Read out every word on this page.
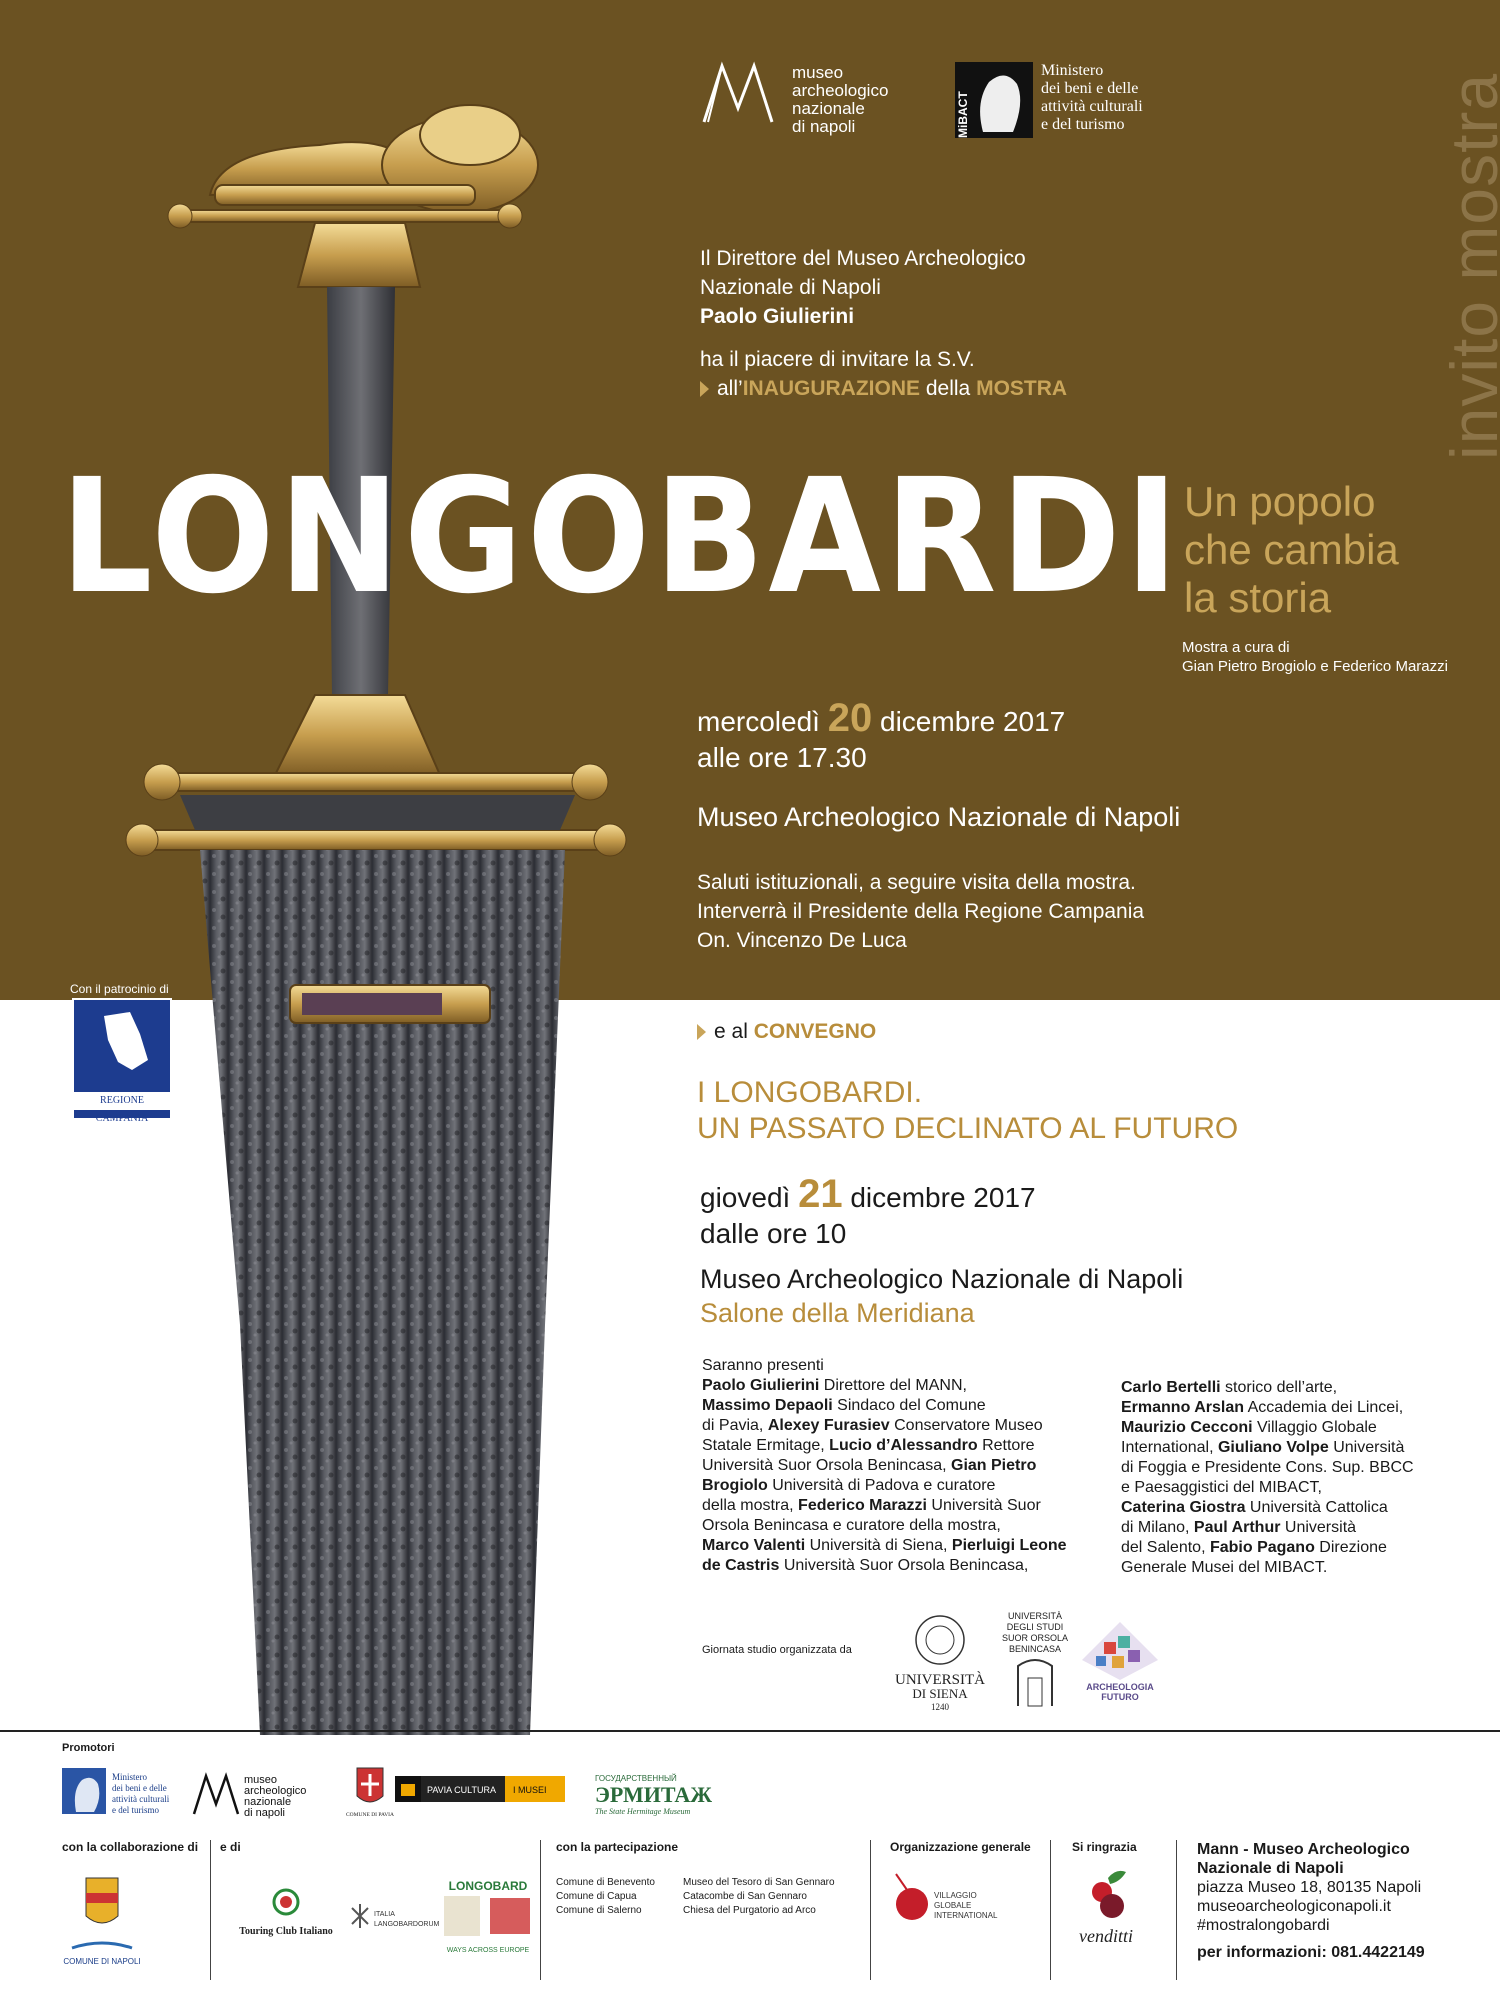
invito mostra
museo
archeologico
nazionale
di napoli	MiBACT
Ministero
dei beni e delle
attività culturali
e del turismo
Il Direttore del Museo Archeologico
Nazionale di Napoli
Paolo Giulierini
ha il piacere di invitare la S.V.
all’INAUGURAZIONE della MOSTRA
LONGOBARDI Un popolo
che cambia
la storia
Mostra a cura di
Gian Pietro Brogiolo e Federico Marazzi
mercoledì 20 dicembre 2017
alle ore 17.30
Museo Archeologico Nazionale di Napoli
Saluti istituzionali, a seguire visita della mostra.
Interverrà il Presidente della Regione Campania
On. Vincenzo De Luca
Con il patrocinio di
REGIONE CAMPANIA
e al CONVEGNO
I LONGOBARDI.
UN PASSATO DECLINATO AL FUTURO
giovedì 21 dicembre 2017
dalle ore 10
Museo Archeologico Nazionale di Napoli
Salone della Meridiana
Saranno presenti
Paolo Giulierini Direttore del MANN,
Massimo Depaoli Sindaco del Comune
di Pavia, Alexey Furasiev Conservatore Museo
Statale Ermitage, Lucio d’Alessandro Rettore
Università Suor Orsola Benincasa, Gian Pietro
Brogiolo Università di Padova e curatore
della mostra, Federico Marazzi Università Suor
Orsola Benincasa e curatore della mostra,
Marco Valenti Università di Siena, Pierluigi Leone
de Castris Università Suor Orsola Benincasa,
Carlo Bertelli storico dell’arte,
Ermanno Arslan Accademia dei Lincei,
Maurizio Cecconi Villaggio Globale
International, Giuliano Volpe Università
di Foggia e Presidente Cons. Sup. BBCC
e Paesaggistici del MIBACT,
Caterina Giostra Università Cattolica
di Milano, Paul Arthur Università
del Salento, Fabio Pagano Direzione
Generale Musei del MIBACT.
Giornata studio organizzata da
UNIVERSITÀ
DI SIENA
1240
UNIVERSITÀ
DEGLI STUDI
SUOR ORSOLA
BENINCASA
ARCHEOLOGIA
FUTURO
Promotori
Ministero
dei beni e delle
attività culturali
e del turismo
museo
archeologico
nazionale
di napoli	COMUNE DI PAVIA
PAVIA CULTURA I MUSEI
ГОСУДАРСТВЕННЫЙ
ЭРМИТАЖ
The State Hermitage Museum
con la collaborazione di
COMUNE DI NAPOLI
e di
Touring Club Italiano
ITALIA
LANGOBARDORUM
LONGOBARD
WAYS ACROSS EUROPE
con la partecipazione
Comune di Benevento
Comune di Capua
Comune di Salerno
Museo del Tesoro di San Gennaro
Catacombe di San Gennaro
Chiesa del Purgatorio ad Arco
Organizzazione generale
VILLAGGIO
GLOBALE
INTERNATIONAL
Si ringrazia
venditti
Mann - Museo Archeologico
Nazionale di Napoli
piazza Museo 18, 80135 Napoli
museoarcheologiconapoli.it
#mostralongobardi
per informazioni: 081.4422149
